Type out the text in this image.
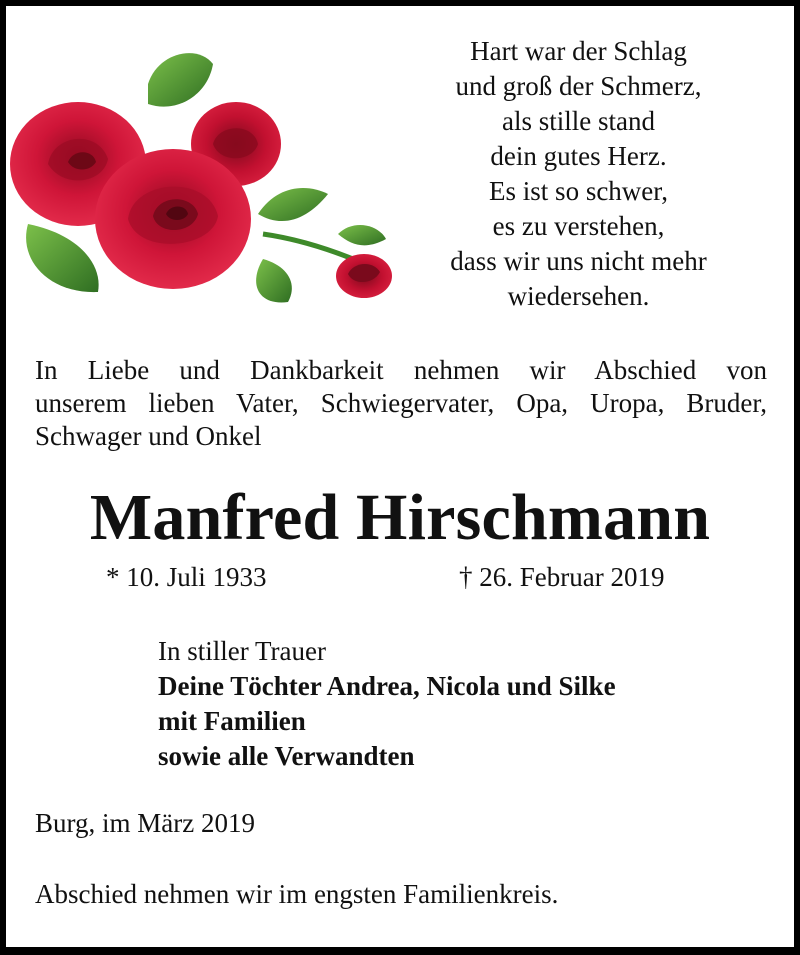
Hart war der Schlag
und groß der Schmerz,
als stille stand
dein gutes Herz.
Es ist so schwer,
es zu verstehen,
dass wir uns nicht mehr
wiedersehen.
In Liebe und Dankbarkeit nehmen wir Abschied von
unserem lieben Vater, Schwiegervater, Opa, Uropa, Bruder,
Schwager und Onkel
Manfred Hirschmann
* 10. Juli 1933	† 26. Februar 2019
In stiller Trauer
Deine Töchter Andrea, Nicola und Silke
mit Familien
sowie alle Verwandten
Burg, im März 2019
Abschied nehmen wir im engsten Familienkreis.
